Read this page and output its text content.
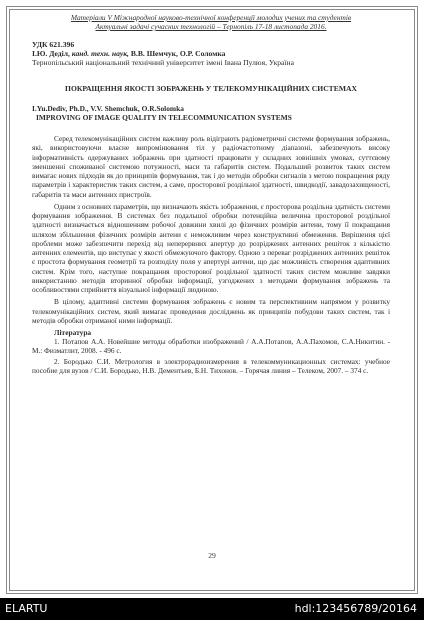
Матеріали V Міжнародної науково-технічної конференції молодих учених та студентів
Актуальні задачі сучасних технологій – Тернопіль 17-18 листопада 2016.
УДК 621.396
І.Ю. Деділ, канд. техн. наук, В.В. Шемчук, О.Р. Соломка
Тернопільський національний технічний університет імені Івана Пулюя, Україна
ПОКРАЩЕННЯ ЯКОСТІ ЗОБРАЖЕНЬ У ТЕЛЕКОМУНІКАЦІЙНИХ СИСТЕМАХ
I.Yu.Dediv, Ph.D., V.V. Shemchuk, O.R.Solomka
IMPROVING OF IMAGE QUALITY IN TELECOMMUNICATION SYSTEMS

Серед телекомунікаційних систем важливу роль відіграють радіометричні системи формування зображень, які, використовуючи власне випромінювання тіл у радіочастотному діапазоні, забезпечують високу інформативність одержуваних зображень при здатності працювати у складних зовнішніх умовах, суттєвому зменшенні споживаної системою потужності, маси та габаритів систем. Подальший розвиток таких систем вимагає нових підходів як до принципів формування, так і до методів обробки сигналів з метою покращення ряду параметрів і характеристик таких систем, а саме, просторової роздільної здатності, швидкодії, завадозахищеності, габаритів та маси антенних пристроїв.

Одним з основних параметрів, що визначають якість зображення, є просторова роздільна здатність системи формування зображення. В системах без подальшої обробки потенційна величина просторової роздільної здатності визначається відношенням робочої довжини хвилі до фізичних розмірів антени, тому її покращання шляхом збільшення фізичних розмірів антени є неможливим через конструктивні обмеження. Вирішення цієї проблеми може забезпечити перехід від неперервних апертур до розріджених антенних решіток з кількістю антенних елементів, що виступає у якості обмежуючого фактору. Одною з переваг розріджених антенних решіток є простота формування геометрії та розподілу поля у апертурі антени, що дає можливість створення адаптивних систем. Крім того, наступне покращання просторової роздільної здатності таких систем можливе завдяки використанню методів вторинної обробки інформації, узгоджених з методами формування зображень та особливостями сприйняття візуальної інформації людиною.

В цілому, адаптивні системи формування зображень є новим та перспективним напрямом у розвитку телекомунікаційних систем, який вимагає проведення досліджень як принципів побудови таких систем, так і методів обробки отриманої ними інформації.

Література

1. Потапов А.А. Новейшие методы обработки изображений / А.А.Потапов, А.А.Пахомов, С.А.Никитин. - М.: Физматлит, 2008. - 496 с.

2. Бородько С.И. Метрология в электрорадиоизмерения в телекоммуникационных системах: учебное пособие для вузов / С.И. Бородько, Н.В. Дементьев, Б.Н. Тихонов. – Горячая линия – Телеком, 2007. – 374 с.

29
ELARTU	hdl:123456789/20164
